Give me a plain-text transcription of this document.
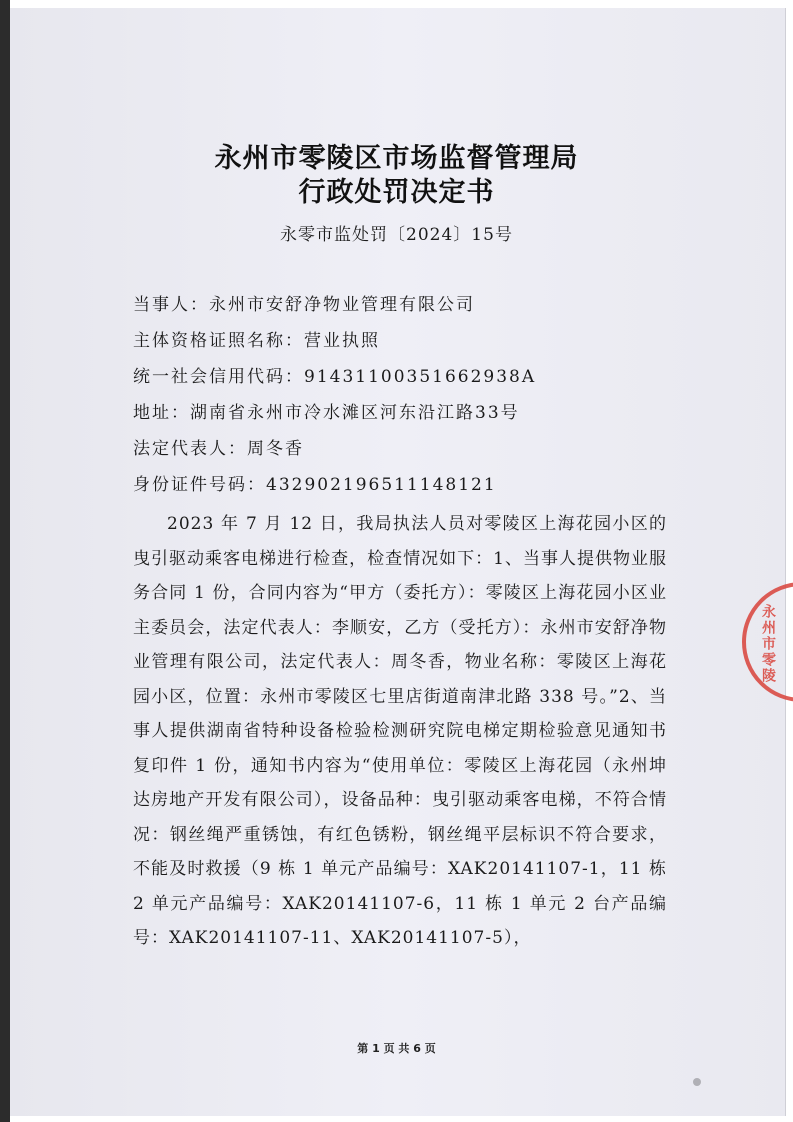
永州市零陵区市场监督管理局
行政处罚决定书
永零市监处罚〔2024〕15号
当事人：永州市安舒净物业管理有限公司
主体资格证照名称：营业执照
统一社会信用代码：91431100351662938A
地址：湖南省永州市冷水滩区河东沿江路33号
法定代表人：周冬香
身份证件号码：432902196511148121

2023 年 7 月 12 日，我局执法人员对零陵区上海花园小区的曳引驱动乘客电梯进行检查，检查情况如下：1、当事人提供物业服务合同 1 份，合同内容为“甲方（委托方）：零陵区上海花园小区业主委员会，法定代表人：李顺安，乙方（受托方）：永州市安舒净物业管理有限公司，法定代表人：周冬香，物业名称：零陵区上海花园小区，位置：永州市零陵区七里店街道南津北路 338 号。”2、当事人提供湖南省特种设备检验检测研究院电梯定期检验意见通知书复印件 1 份，通知书内容为“使用单位：零陵区上海花园（永州坤达房地产开发有限公司），设备品种：曳引驱动乘客电梯，不符合情况：钢丝绳严重锈蚀，有红色锈粉，钢丝绳平层标识不符合要求，不能及时救援（9 栋 1 单元产品编号：XAK20141107-1，11 栋 2 单元产品编号：XAK20141107-6，11 栋 1 单元 2 台产品编号：XAK20141107-11、XAK20141107-5），

永州市零陵
第 1 页 共 6 页
